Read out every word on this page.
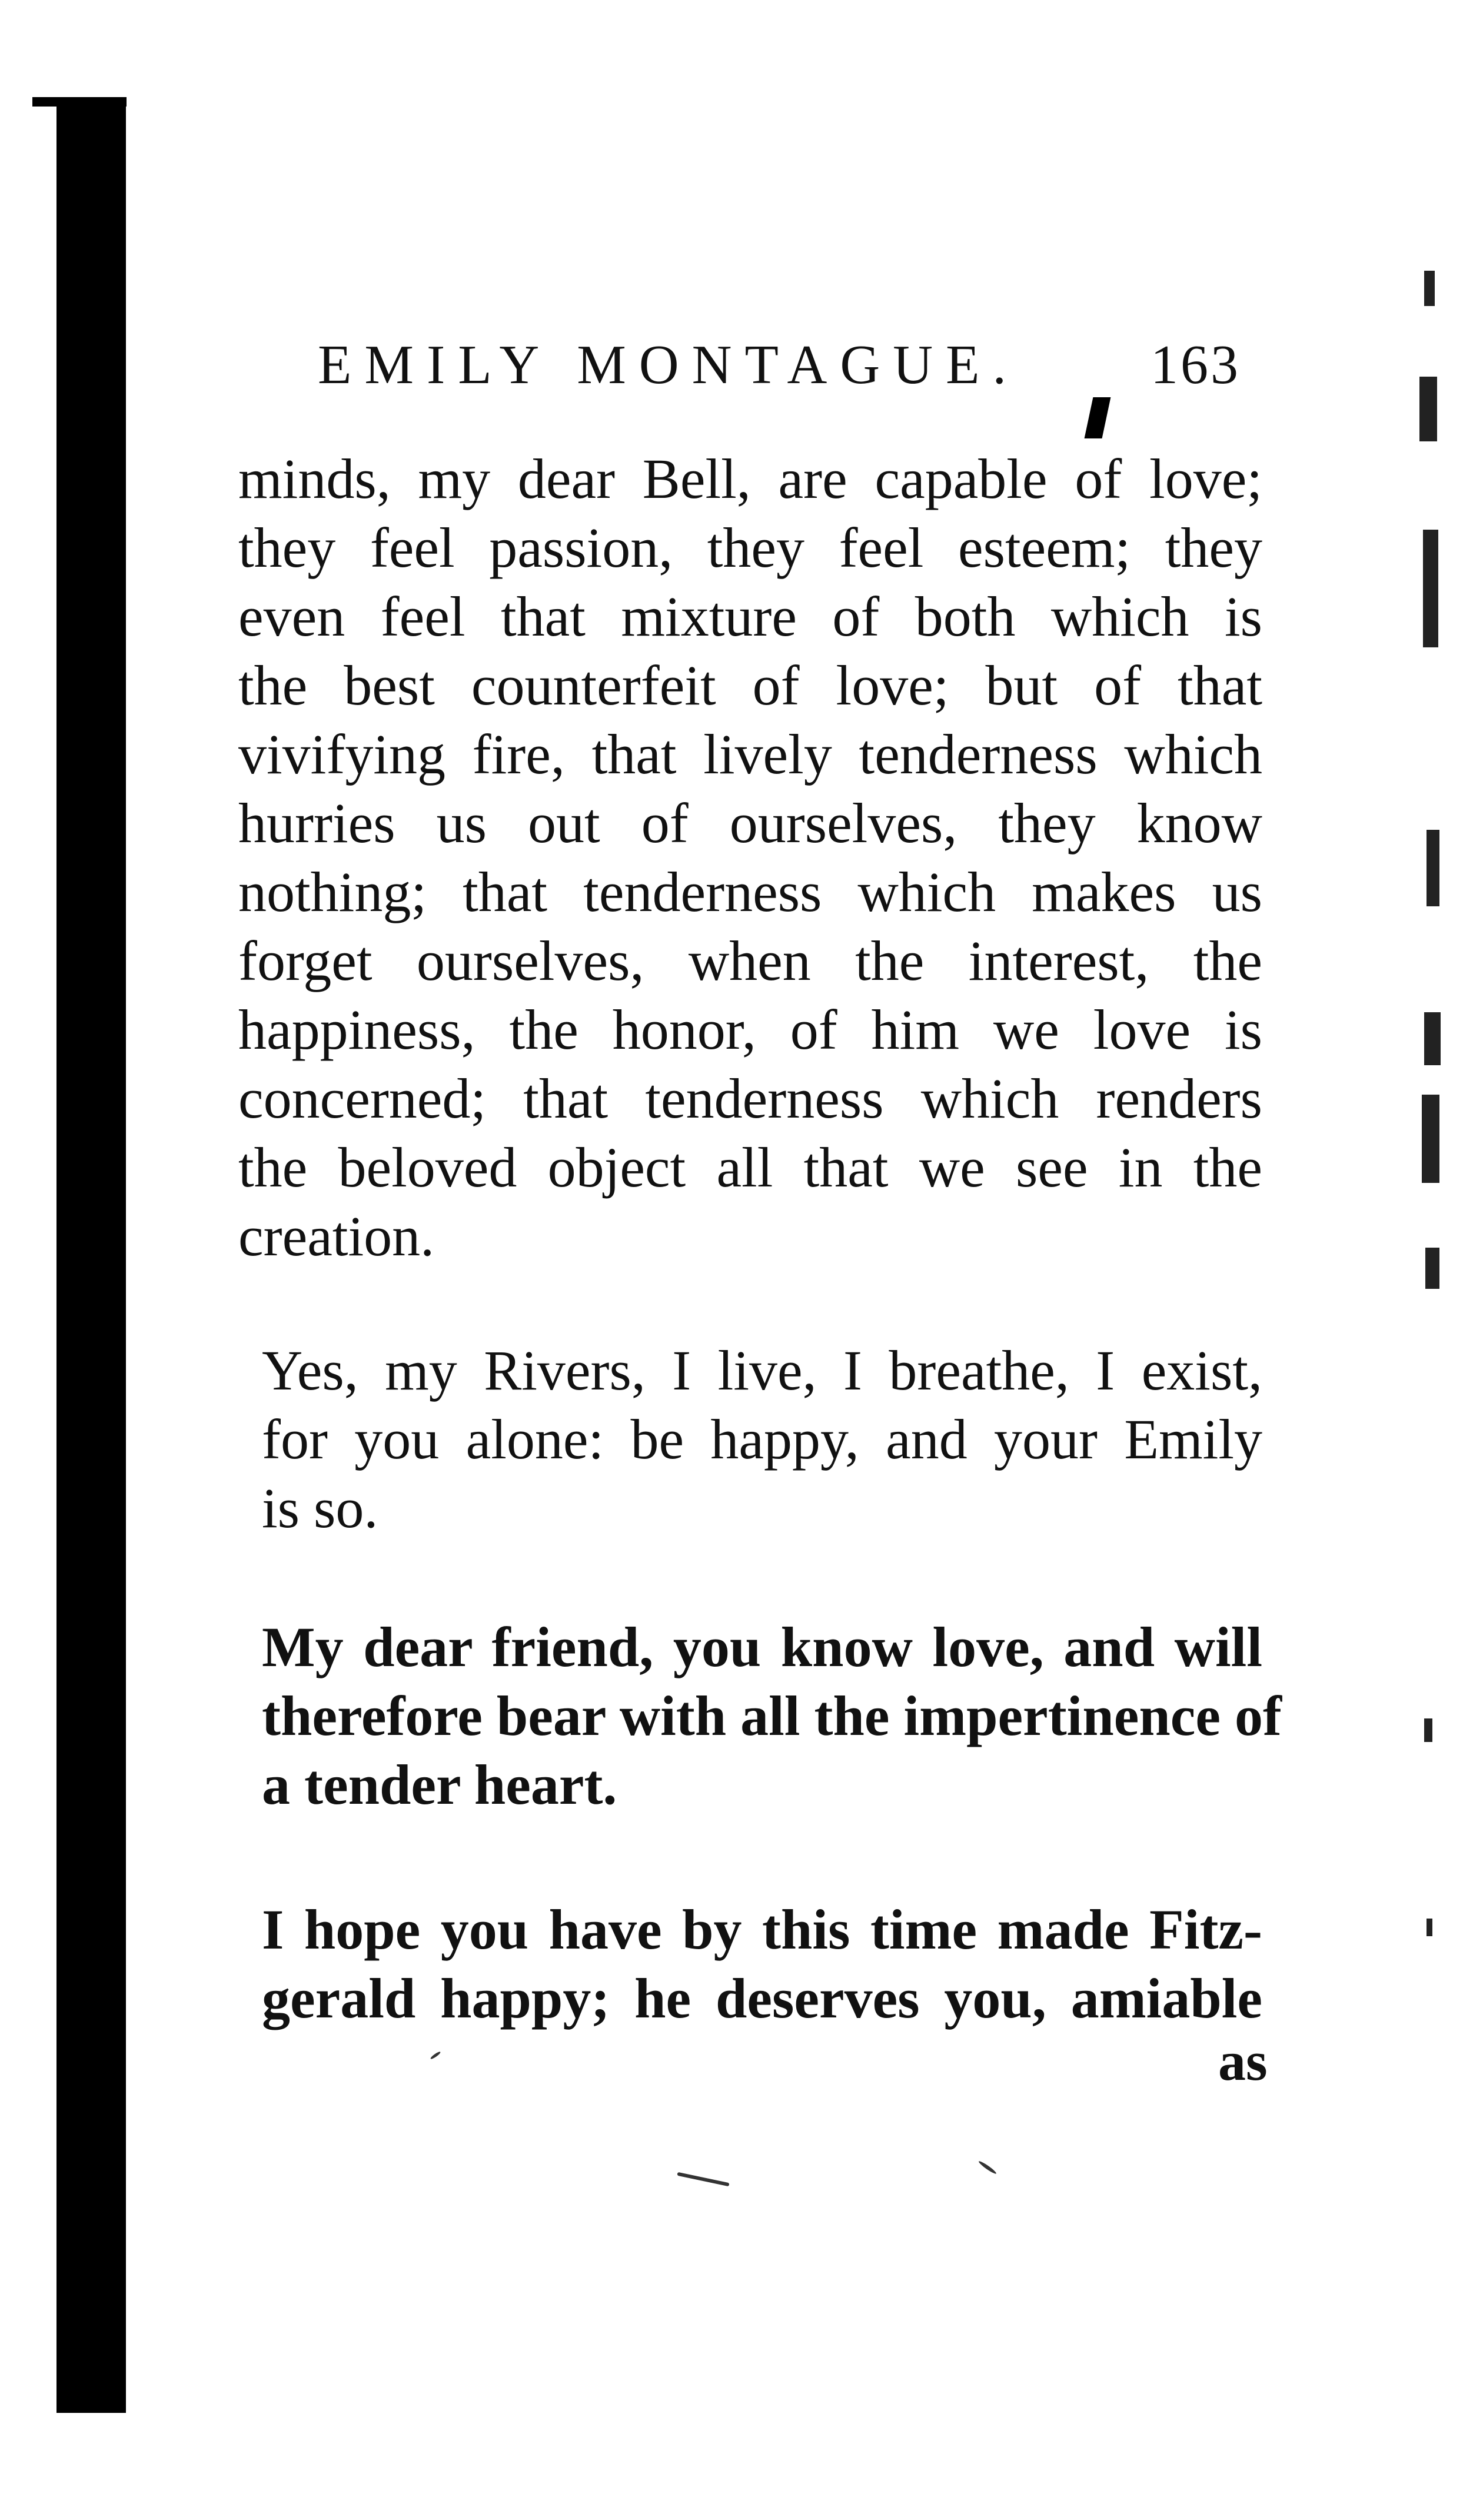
EMILY MONTAGUE.	163
minds, my dear Bell, are capable of love;
they feel passion, they feel esteem; they
even feel that mixture of both which is
the best counterfeit of love; but of that
vivifying fire, that lively tenderness which
hurries us out of ourselves, they know
nothing; that tenderness which makes us
forget ourselves, when the interest, the
happiness, the honor, of him we love is
concerned; that tenderness which renders
the beloved object all that we see in the
creation.
Yes, my Rivers, I live, I breathe, I exist,
for you alone: be happy, and your Emily
is so.
My dear friend, you know love, and will
therefore bear with all the impertinence of
a tender heart.
I hope you have by this time made Fitz-
gerald happy; he deserves you, amiable
as
